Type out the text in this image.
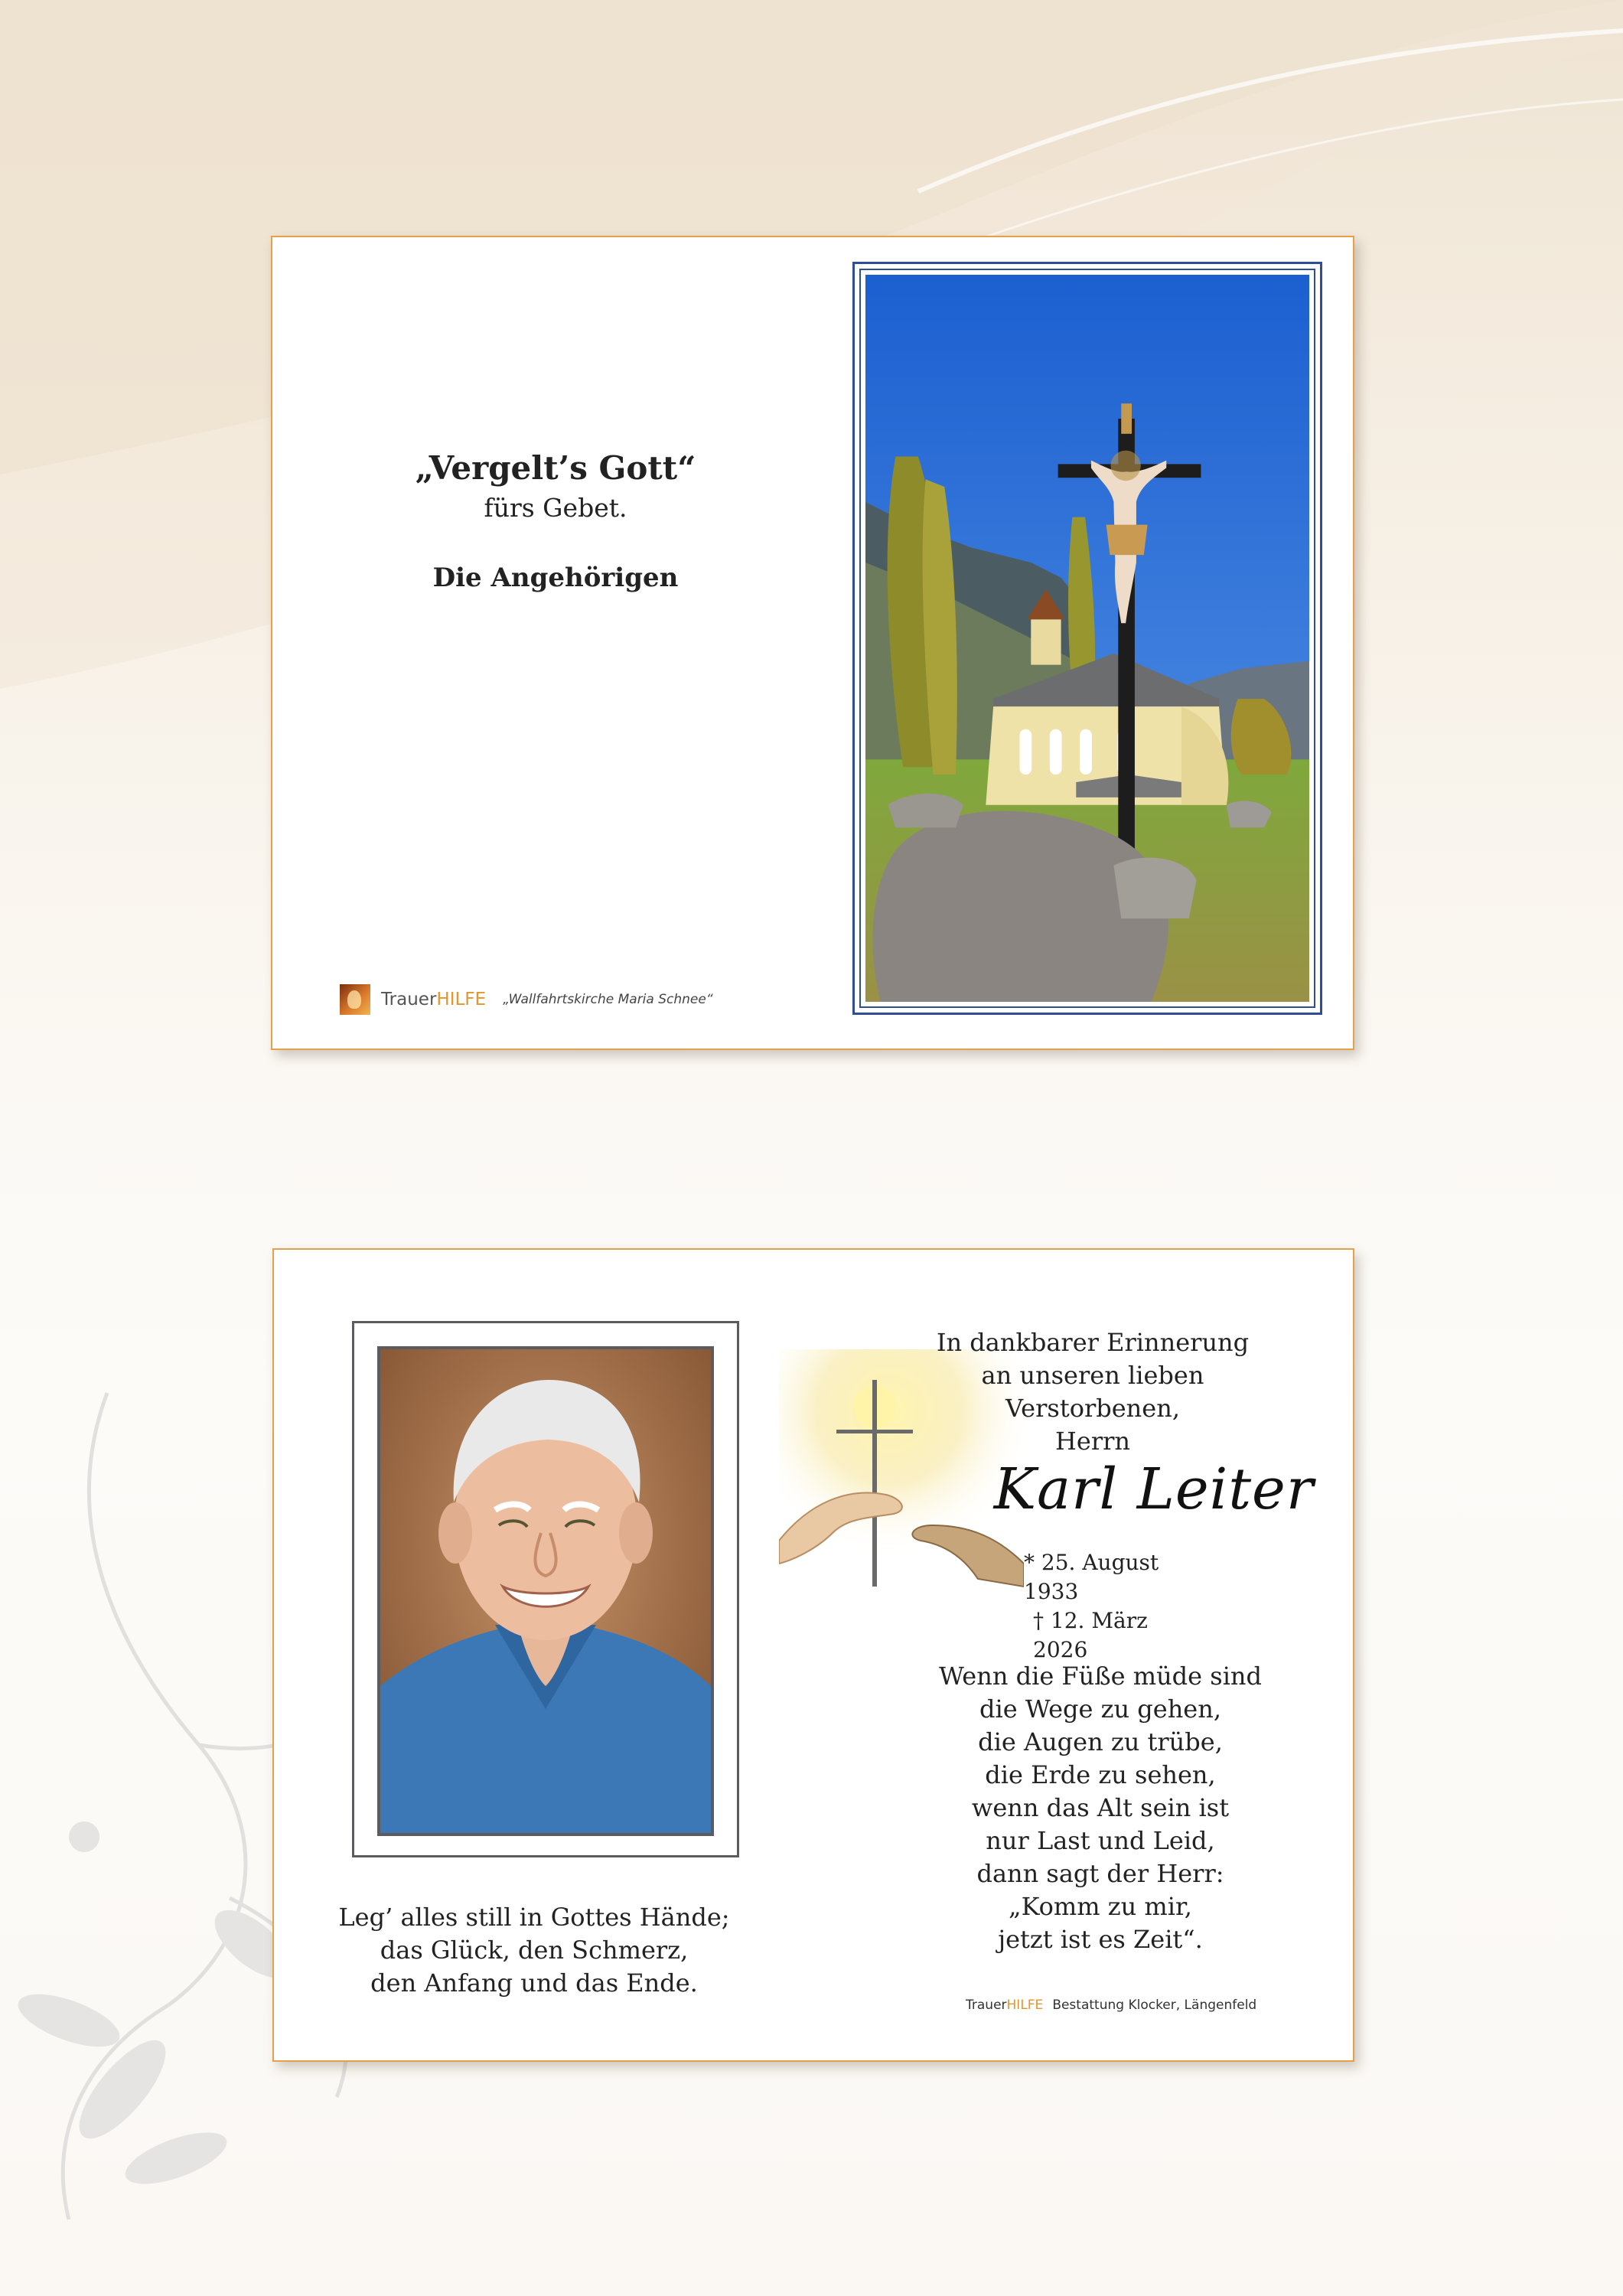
„Vergelt’s Gott“
fürs Gebet.
Die Angehörigen
TrauerHILFE „Wallfahrtskirche Maria Schnee“
Leg’ alles still in Gottes Hände;
das Glück, den Schmerz,
den Anfang und das Ende.
In dankbarer Erinnerung
an unseren lieben Verstorbenen,
Herrn
Karl Leiter
* 25. August 1933
† 12. März 2026
Wenn die Füße müde sind
die Wege zu gehen,
die Augen zu trübe,
die Erde zu sehen,
wenn das Alt sein ist
nur Last und Leid,
dann sagt der Herr:
„Komm zu mir,
jetzt ist es Zeit“.
TrauerHILFE Bestattung Klocker, Längenfeld
